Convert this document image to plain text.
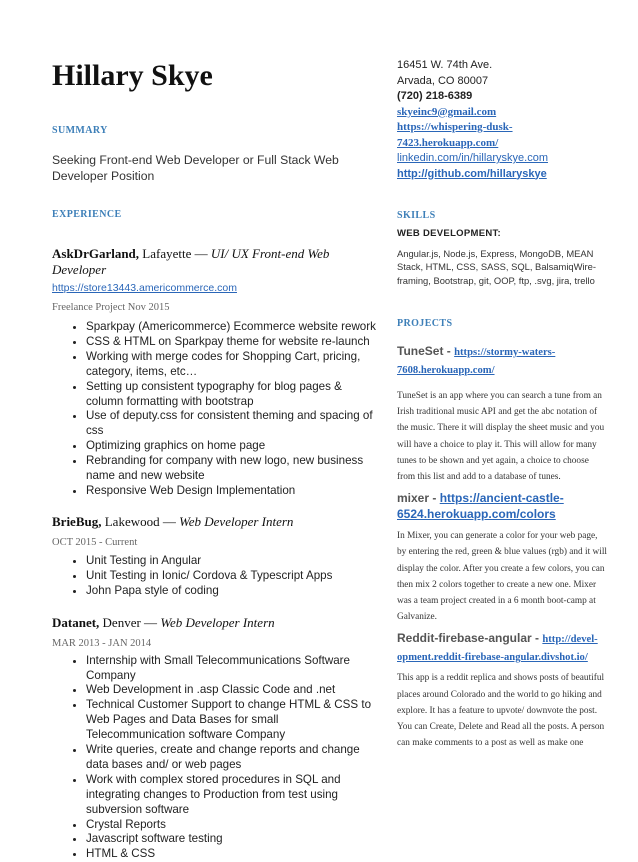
Hillary Skye
SUMMARY

Seeking Front-end Web Developer or Full Stack Web Developer Position

EXPERIENCE

AskDrGarland, Lafayette — UI/ UX Front-end Web Developer

https://store13443.americommerce.com

Freelance Project Nov 2015

• Sparkpay (Americommerce) Ecommerce website rework
• CSS & HTML on Sparkpay theme for website re-launch
• Working with merge codes for Shopping Cart, pricing, category, items, etc…
• Setting up consistent typography for blog pages & column formatting with bootstrap
• Use of deputy.css for consistent theming and spacing of css
• Optimizing graphics on home page
• Rebranding for company with new logo, new business name and new website
• Responsive Web Design Implementation

BrieBug, Lakewood — Web Developer Intern

OCT 2015 - Current

• Unit Testing in Angular
• Unit Testing in Ionic/ Cordova & Typescript Apps
• John Papa style of coding

Datanet, Denver — Web Developer Intern

MAR 2013 - JAN 2014

• Internship with Small Telecommunications Software Company
• Web Development in .asp Classic Code and .net
• Technical Customer Support to change HTML & CSS to Web Pages and Data Bases for small Telecommunication software Company
• Write queries, create and change reports and change data bases and/ or web pages
• Work with complex stored procedures in SQL and integrating changes to Production from test using subversion software
• Crystal Reports
• Javascript software testing
• HTML & CSS
16451 W. 74th Ave.
Arvada, CO 80007
(720) 218-6389
skyeinc9@gmail.com
https://whispering-dusk-7423.herokuapp.com/
linkedin.com/in/hillaryskye.com
http://github.com/hillaryskye
SKILLS

WEB DEVELOPMENT:

Angular.js, Node.js, Express, MongoDB, MEAN Stack, HTML, CSS, SASS, SQL, BalsamiqWire-framing, Bootstrap, git, OOP, ftp, .svg, jira, trello

PROJECTS

TuneSet - https://stormy-waters-7608.herokuapp.com/

TuneSet is an app where you can search a tune from an Irish traditional music API and get the abc notation of the music. There it will display the sheet music and you will have a choice to play it. This will allow for many tunes to be shown and yet again, a choice to choose from this list and add to a database of tunes.

mixer - https://ancient-castle-6524.herokuapp.com/colors

In Mixer, you can generate a color for your web page, by entering the red, green & blue values (rgb) and it will display the color. After you create a few colors, you can then mix 2 colors together to create a new one. Mixer was a team project created in a 6 month boot-camp at Galvanize.

Reddit-firebase-angular - http://devel-opment.reddit-firebase-angular.divshot.io/

This app is a reddit replica and shows posts of beautiful places around Colorado and the world to go hiking and explore. It has a feature to upvote/ downvote the post. You can Create, Delete and Read all the posts. A person can make comments to a post as well as make one
